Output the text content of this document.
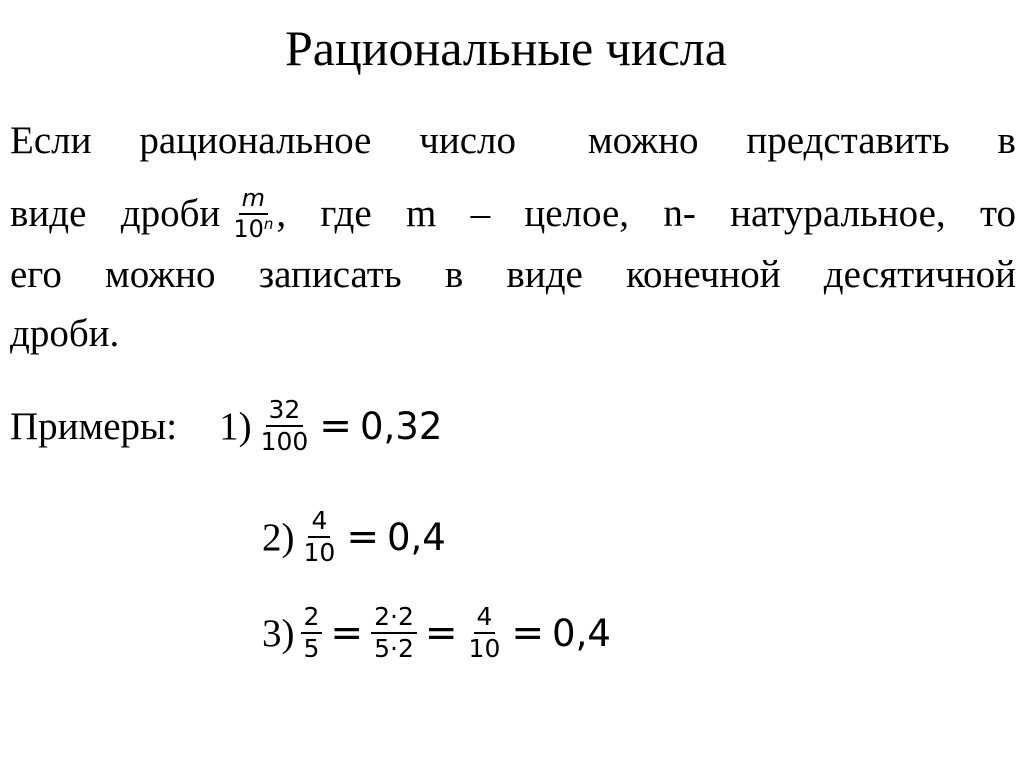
Рациональные числа
Если рациональное число можно представить в
виде дроби $\frac{m}{10^n}$ , где m – целое, n- натуральное, то
его можно записать в виде конечной десятичной
дроби.
Примеры: $1) \frac{32}{100} = 0,32$
$2) \frac{4}{10} = 0,4$
$3) \frac{2}{5} = \frac{2\cdot 2}{5\cdot 2} = \frac{4}{10} = 0,4$
